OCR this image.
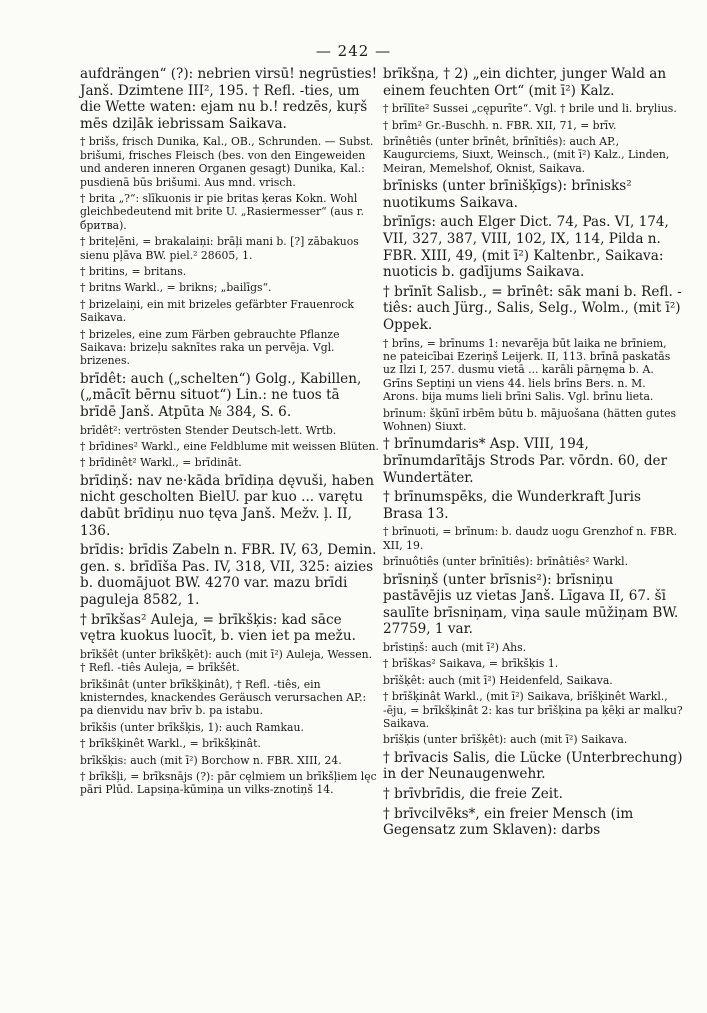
— 242 —

aufdrängen“ (?): nebrien virsū! negrūsties! Janš. Dzimtene III², 195. † Refl. -ties, um die Wette waten: ejam nu b.! redzēs, kuŗš mēs dziļāk iebrissam Saikava.

† brišs, frisch Dunika, Kal., OB., Schrunden. — Subst. brišumi, frisches Fleisch (bes. von den Eingeweiden und anderen inneren Organen gesagt) Dunika, Kal.: pusdienā būs brišumi. Aus mnd. vrisch.

† brita „?“: slīkuonis ir pie britas ķeras Kokn. Wohl gleichbedeutend mit brite U. „Rasiermesser“ (aus r. бритва).

† briteļēni, = brakalaiņi: brāļi mani b. [?] zābakuos sienu pļāva BW. piel.² 28605, 1.

† britins, = britans.

† britns Warkl., = brikns; „bailīgs“.

† brizelaiņi, ein mit brizeles gefärbter Frauenrock Saikava.

† brizeles, eine zum Färben gebrauchte Pflanze Saikava: brizeļu saknītes raka un pervēja. Vgl. brizenes.

brīdêt: auch („schelten“) Golg., Kabillen, („mācīt bērnu situot“) Lin.: ne tuos tā brīdē Janš. Atpūta № 384, S. 6.

brīdêt²: vertrösten Stender Deutsch-lett. Wrtb.

† brīdines² Warkl., eine Feldblume mit weissen Blüten.

† brīdinêt² Warkl., = brīdināt.

brīdiņš: nav ne·kāda brīdiņa dęvuši, haben nicht gescholten BielU. par kuo ... varętu dabūt brīdiņu nuo tęva Janš. Mežv. ļ. II, 136.

brīdis: brīdis Zabeln n. FBR. IV, 63, Demin. gen. s. brīdīša Pas. IV, 318, VII, 325: aizies b. duomājuot BW. 4270 var. mazu brīdi paguleja 8582, 1.

† brīkšas² Auleja, = brīkšķis: kad sāce vętra kuokus luocīt, b. vien iet pa mežu.

brīkšêt (unter brīkšķēt): auch (mit ī²) Auleja, Wessen. † Refl. -tiês Auleja, = brīkšêt.

brīkšinât (unter brīkšķinât), † Refl. -tiês, ein knisterndes, knackendes Geräusch verursachen AP.: pa dienvidu nav brīv b. pa istabu.

brīkšis (unter brīkšķis, 1): auch Ramkau.

† brīkšķinêt Warkl., = brīkšķinât.

brīkšķis: auch (mit ī²) Borchow n. FBR. XIII, 24.

† brīkšļi, = brīksnājs (?): pār cęlmiem un brīkšļiem lęc pāri Plūd. Lapsiņa-kūmiņa un vilks-znotiņš 14.

brīkšņa, † 2) „ein dichter, junger Wald an einem feuchten Ort“ (mit ī²) Kalz.

† brīlīte² Sussei „cępurīte“. Vgl. † brile und li. brylius.

† brīm² Gr.-Buschh. n. FBR. XII, 71, = brīv.

brīnêtiês (unter brīnêt, brīnītiês): auch AP., Kaugurciems, Siuxt, Weinsch., (mit ī²) Kalz., Linden, Meiran, Memelshof, Oknist, Saikava.

brīnisks (unter brīnišķīgs): brīnisks² nuotikums Saikava.

brīnīgs: auch Elger Dict. 74, Pas. VI, 174, VII, 327, 387, VIII, 102, IX, 114, Pilda n. FBR. XIII, 49, (mit ī²) Kaltenbr., Saikava: nuoticis b. gadījums Saikava.

† brīnīt Salisb., = brīnêt: sāk mani b. Refl. -tiês: auch Jürg., Salis, Selg., Wolm., (mit ī²) Oppek.

† brīns, = brīnums 1: nevarēja būt laika ne brīniem, ne pateicībai Ezeriņš Leijerk. II, 113. brīnā paskatās uz Ilzi I, 257. dusmu vietā ... karāli pārņęma b. A. Grīns Septiņi un viens 44. liels brīns Bers. n. M. Arons. bija mums lieli brīni Salis. Vgl. brīnu lieta.

brīnum: šķūnī irbēm būtu b. mājuošana (hätten gutes Wohnen) Siuxt.

† brīnumdaris* Asp. VIII, 194, brīnumdarītājs Strods Par. vōrdn. 60, der Wundertäter.

† brīnumspēks, die Wunderkraft Juris Brasa 13.

† brīnuoti, = brīnum: b. daudz uogu Grenzhof n. FBR. XII, 19.

brīnuôtiês (unter brīnītiês): brīnâtiês² Warkl.

brīsniņš (unter brīsnis²): brīsniņu pastāvējis uz vietas Janš. Līgava II, 67. šī saulīte brīsniņam, viņa saule mūžiņam BW. 27759, 1 var.

brīstiņš: auch (mit ī²) Ahs.

† brīškas² Saikava, = brīkšķis 1.

brīšķêt: auch (mit ī²) Heidenfeld, Saikava.

† brīšķinât Warkl., (mit ī²) Saikava, brīšķinêt Warkl., -ēju, = brīkšķinât 2: kas tur brīšķina pa ķēķi ar malku? Saikava.

brīšķis (unter brīšķêt): auch (mit ī²) Saikava.

† brīvacis Salis, die Lücke (Unterbrechung) in der Neunaugenwehr.

† brīvbrīdis, die freie Zeit.

† brīvcilvēks*, ein freier Mensch (im Gegensatz zum Sklaven): darbs
